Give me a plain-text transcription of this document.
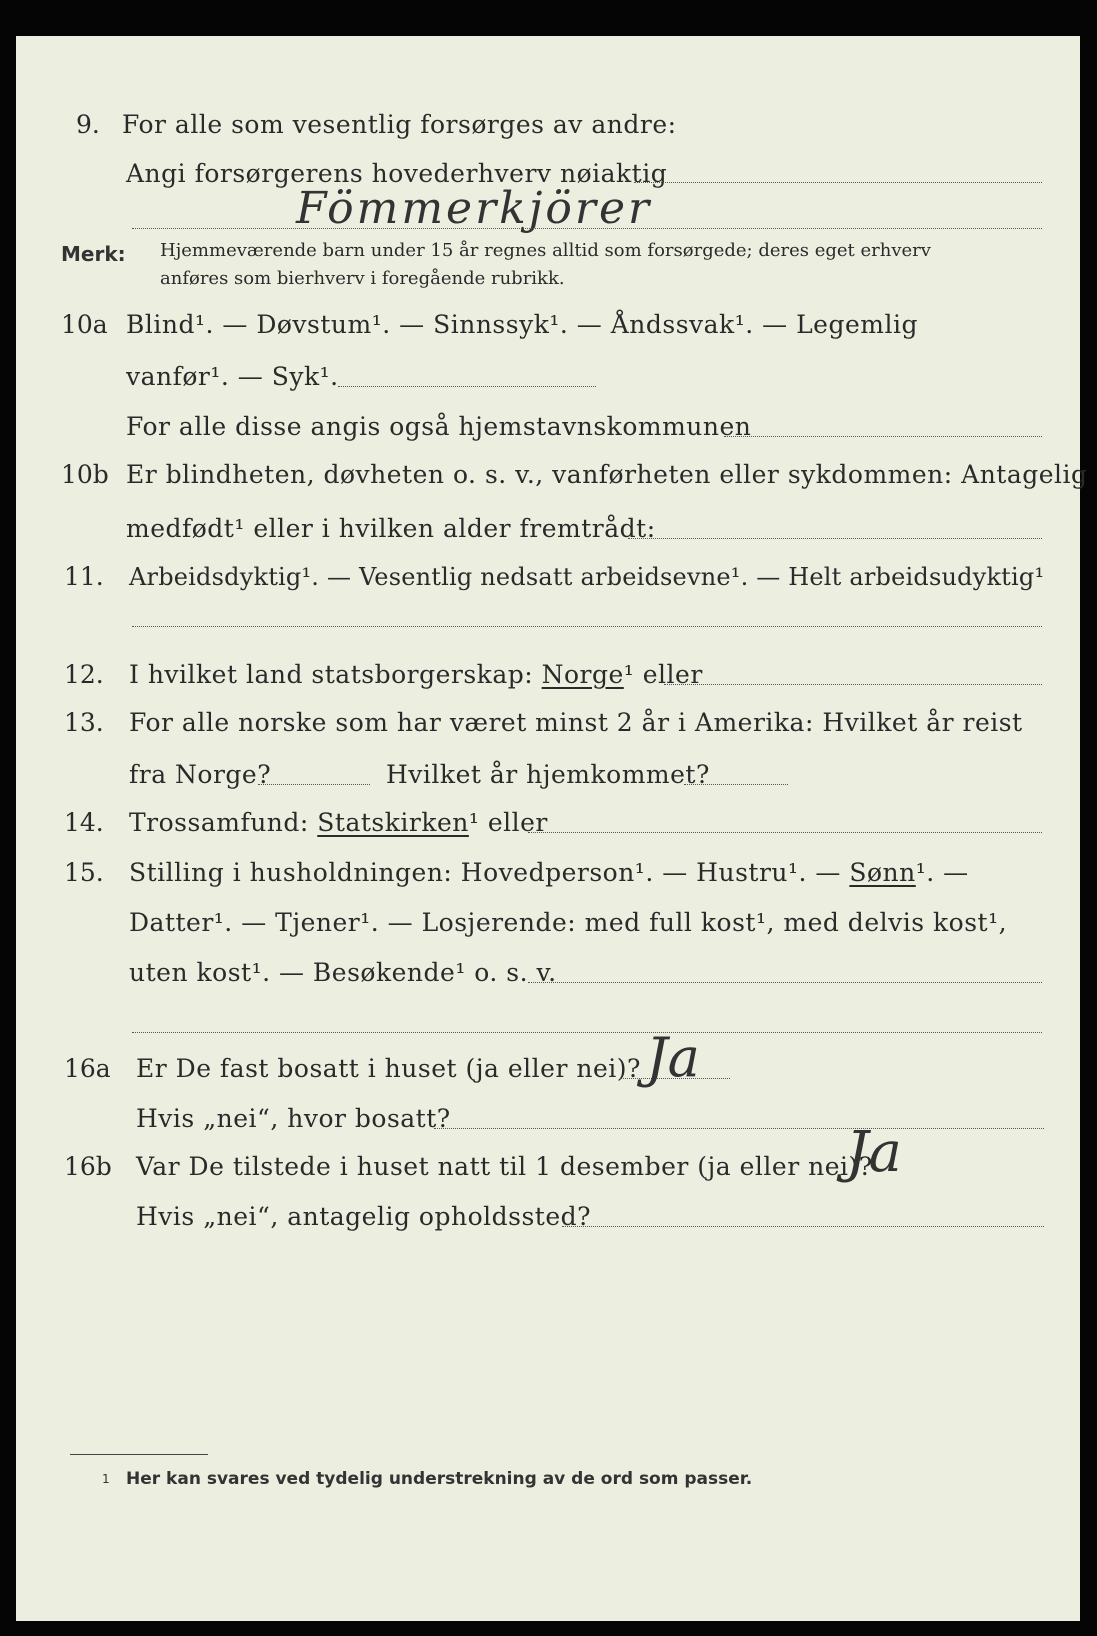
9. For alle som vesentlig forsørges av andre:
Angi forsørgerens hovederhverv nøiaktig
Fömmerkjörer
Merk: Hjemmeværende barn under 15 år regnes alltid som forsørgede; deres eget erhverv
anføres som bierhverv i foregående rubrikk.
10a Blind¹. — Døvstum¹. — Sinnssyk¹. — Åndssvak¹. — Legemlig
vanfør¹. — Syk¹.
For alle disse angis også hjemstavnskommunen
10b Er blindheten, døvheten o. s. v., vanførheten eller sykdommen: Antagelig
medfødt¹ eller i hvilken alder fremtrådt:
11. Arbeidsdyktig¹. — Vesentlig nedsatt arbeidsevne¹. — Helt arbeidsudyktig¹
12. I hvilket land statsborgerskap: Norge¹ eller
13. For alle norske som har været minst 2 år i Amerika: Hvilket år reist
fra Norge?	Hvilket år hjemkommet?
14. Trossamfund: Statskirken¹ eller
15. Stilling i husholdningen: Hovedperson¹. — Hustru¹. — Sønn¹. —
Datter¹. — Tjener¹. — Losjerende: med full kost¹, med delvis kost¹,
uten kost¹. — Besøkende¹ o. s. v.
16a Er De fast bosatt i huset (ja eller nei)? Ja
Hvis „nei“, hvor bosatt?
16b Var De tilstede i huset natt til 1 desember (ja eller nei)?
Ja
Hvis „nei“, antagelig opholdssted?
1 Her kan svares ved tydelig understrekning av de ord som passer.
